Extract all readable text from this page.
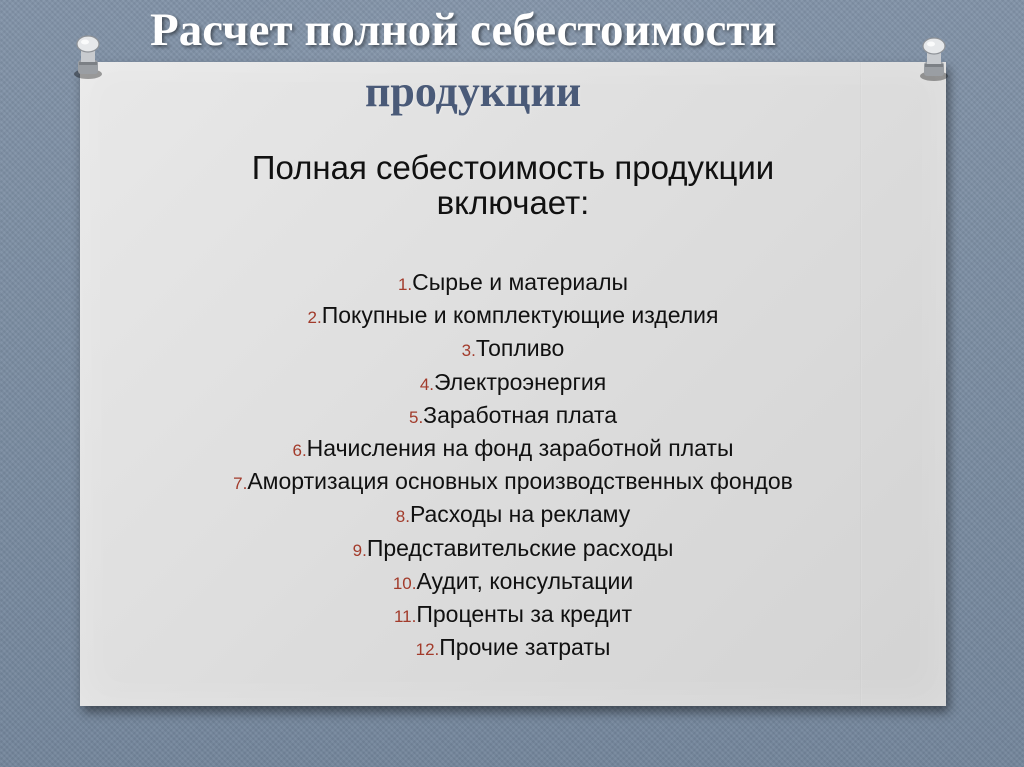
Расчет полной себестоимости
продукции
Полная себестоимость продукции
включает:
1.Сырье и материалы
2.Покупные и комплектующие изделия
3.Топливо
4.Электроэнергия
5.Заработная плата
6.Начисления на фонд заработной платы
7.Амортизация основных производственных фондов
8.Расходы на рекламу
9.Представительские расходы
10.Аудит, консультации
11.Проценты за кредит
12.Прочие затраты
